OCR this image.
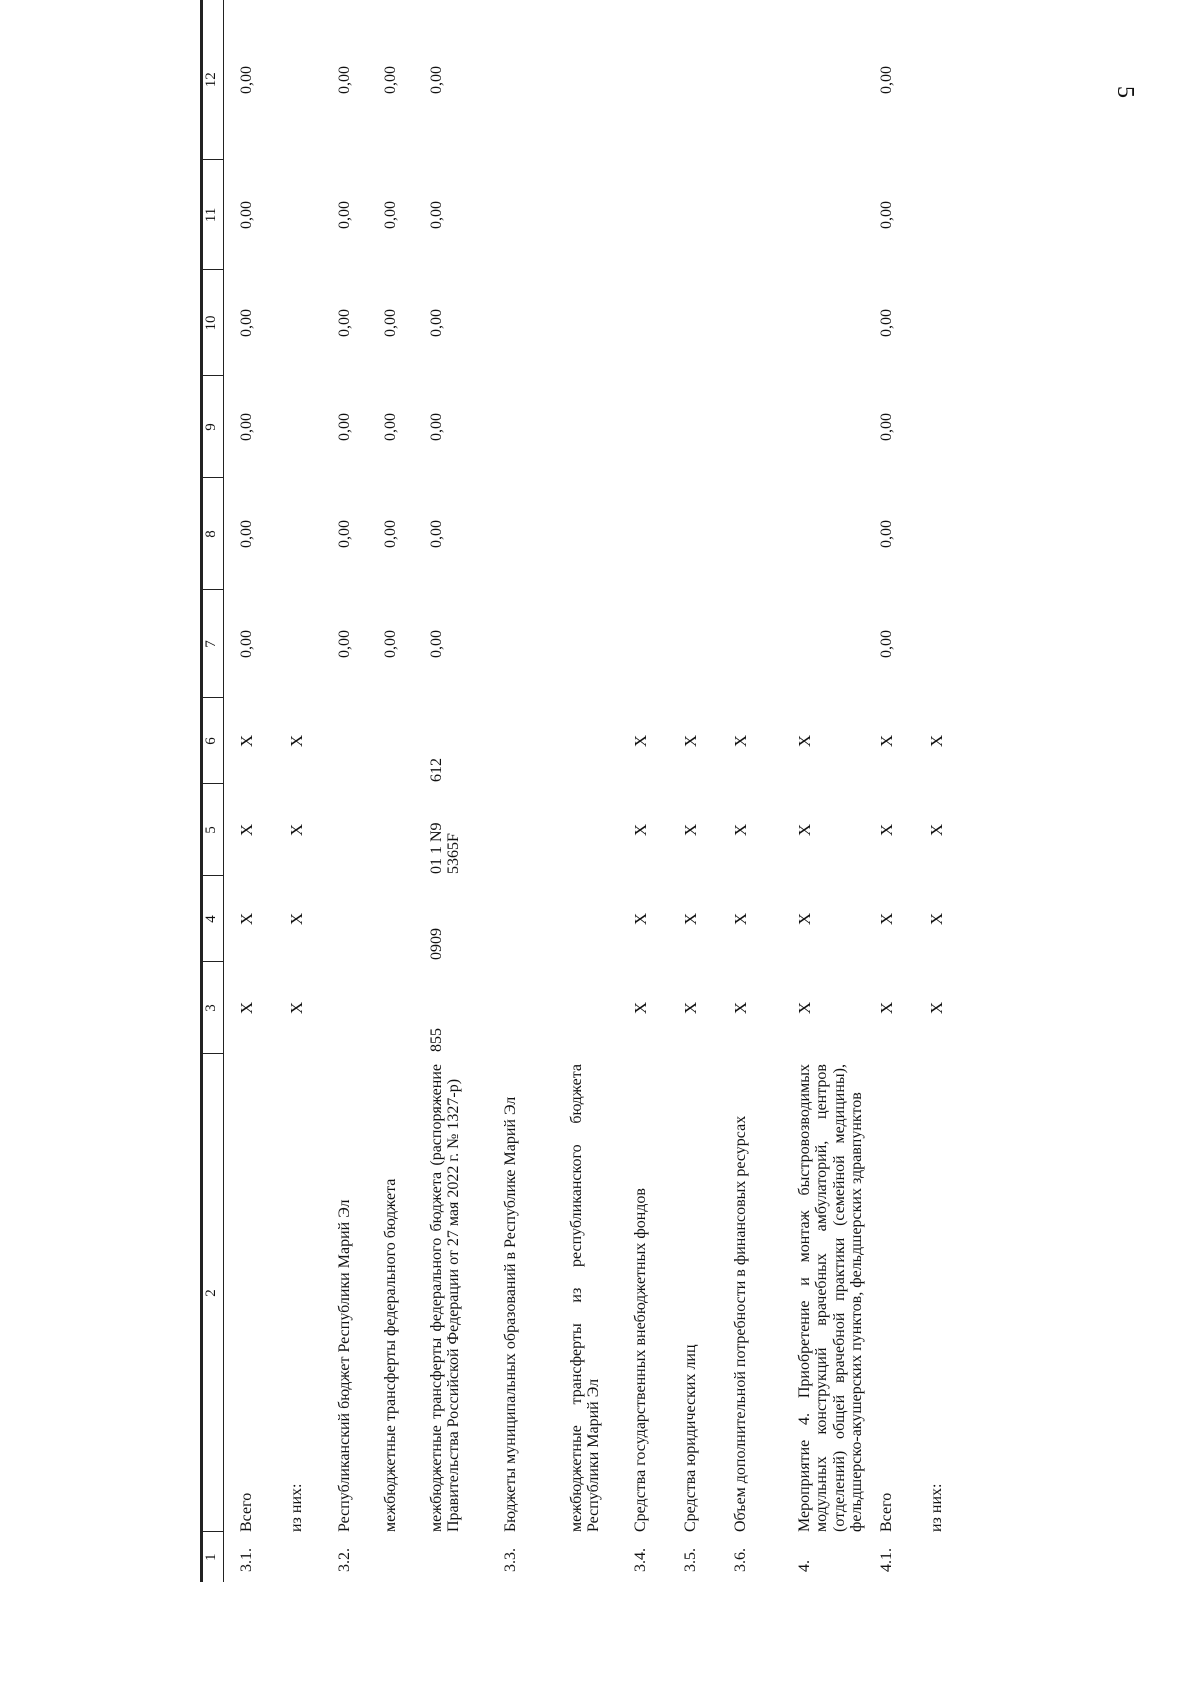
5
1	2	3	4	5	6	7	8	9	10	11	12

3.1.	Всего	X	X	X	X	0,00	0,00	0,00	0,00	0,00	0,00
	из них:	X	X	X	X						
3.2.	Республиканский бюджет Республики Марий Эл					0,00	0,00	0,00	0,00	0,00	0,00
	межбюджетные трансферты федерального бюджета					0,00	0,00	0,00	0,00	0,00	0,00
	межбюджетные трансферты федерального бюджета (распоряжение Правительства Российской Федерации от 27 мая 2022 г. № 1327-р)	855	0909	01 1 N9 5365F	612	0,00	0,00	0,00	0,00	0,00	0,00
3.3.	Бюджеты муниципальных образований в Республике Марий Эл										
	межбюджетные трансферты из республиканского бюджета Республики Марий Эл										
3.4.	Средства государственных внебюджетных фондов	X	X	X	X						
3.5.	Средства юридических лиц	X	X	X	X						
3.6.	Объем дополнительной потребности в финансовых ресурсах	X	X	X	X						
4.	Мероприятие 4. Приобретение и монтаж быстровозводимых модульных конструкций врачебных амбулаторий, центров (отделений) общей врачебной практики (семейной медицины), фельдшерско-акушерских пунктов, фельдшерских здравпунктов	X	X	X	X						
4.1.	Всего	X	X	X	X	0,00	0,00	0,00	0,00	0,00	0,00
	из них:	X	X	X	X						
